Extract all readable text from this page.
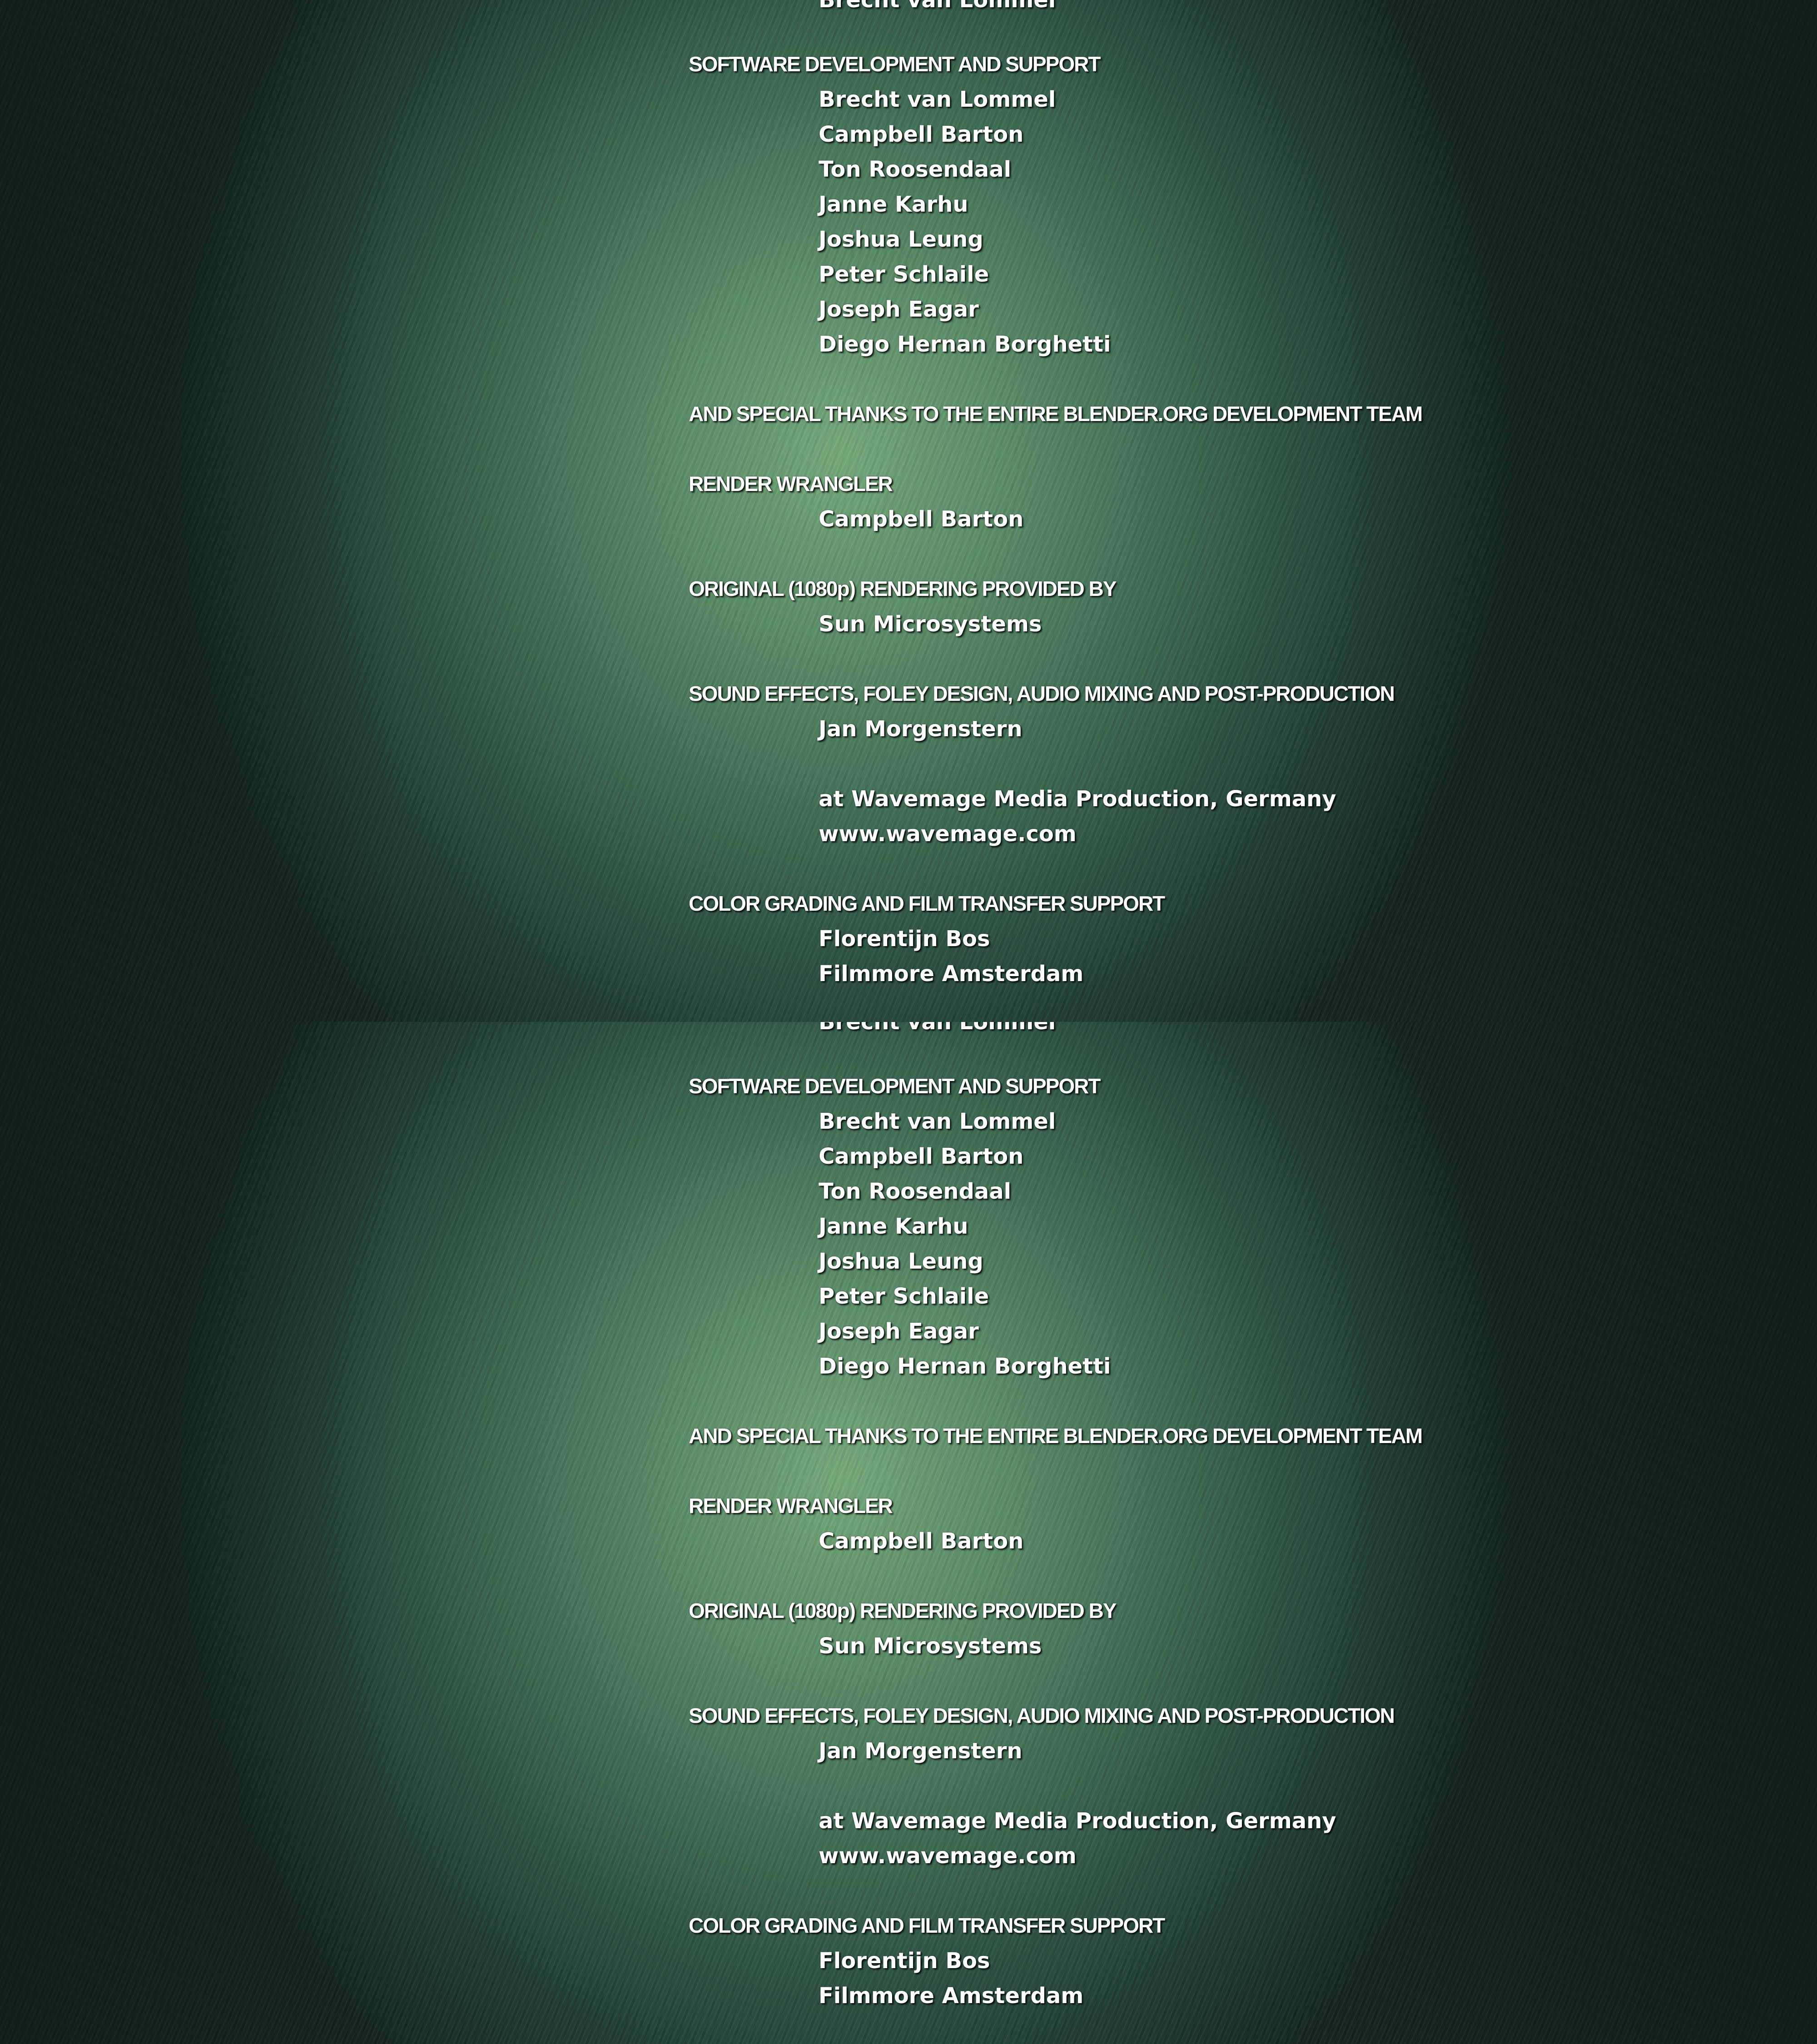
Brecht van Lommel
SOFTWARE DEVELOPMENT AND SUPPORT
Brecht van Lommel
Campbell Barton
Ton Roosendaal
Janne Karhu
Joshua Leung
Peter Schlaile
Joseph Eagar
Diego Hernan Borghetti
AND SPECIAL THANKS TO THE ENTIRE BLENDER.ORG DEVELOPMENT TEAM
RENDER WRANGLER
Campbell Barton
ORIGINAL (1080p) RENDERING PROVIDED BY
Sun Microsystems
SOUND EFFECTS, FOLEY DESIGN, AUDIO MIXING AND POST-PRODUCTION
Jan Morgenstern
at Wavemage Media Production, Germany
www.wavemage.com
COLOR GRADING AND FILM TRANSFER SUPPORT
Florentijn Bos
Filmmore Amsterdam
Brecht van Lommel
SOFTWARE DEVELOPMENT AND SUPPORT
Brecht van Lommel
Campbell Barton
Ton Roosendaal
Janne Karhu
Joshua Leung
Peter Schlaile
Joseph Eagar
Diego Hernan Borghetti
AND SPECIAL THANKS TO THE ENTIRE BLENDER.ORG DEVELOPMENT TEAM
RENDER WRANGLER
Campbell Barton
ORIGINAL (1080p) RENDERING PROVIDED BY
Sun Microsystems
SOUND EFFECTS, FOLEY DESIGN, AUDIO MIXING AND POST-PRODUCTION
Jan Morgenstern
at Wavemage Media Production, Germany
www.wavemage.com
COLOR GRADING AND FILM TRANSFER SUPPORT
Florentijn Bos
Filmmore Amsterdam
